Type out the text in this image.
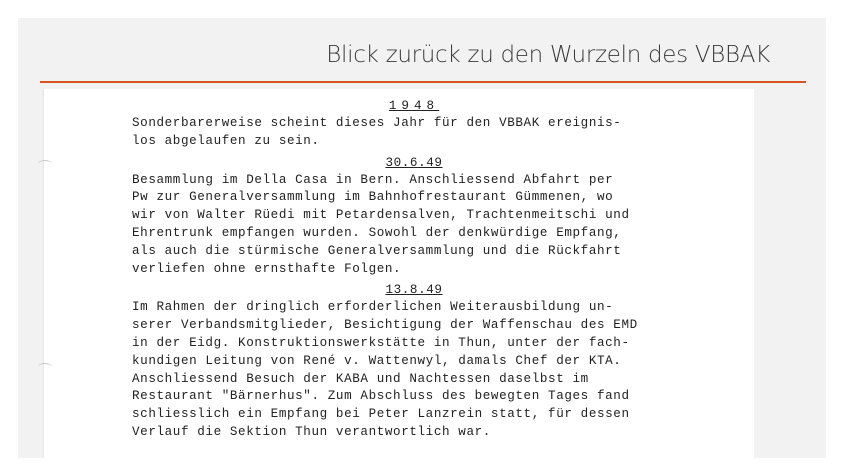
Blick zurück zu den Wurzeln des VBBAK
1948

Sonderbarerweise scheint dieses Jahr für den VBBAK ereignis-
los abgelaufen zu sein.

30.6.49

Besammlung im Della Casa in Bern. Anschliessend Abfahrt per
Pw zur Generalversammlung im Bahnhofrestaurant Gümmenen, wo
wir von Walter Rüedi mit Petardensalven, Trachtenmeitschi und
Ehrentrunk empfangen wurden. Sowohl der denkwürdige Empfang,
als auch die stürmische Generalversammlung und die Rückfahrt
verliefen ohne ernsthafte Folgen.

13.8.49

Im Rahmen der dringlich erforderlichen Weiterausbildung un-
serer Verbandsmitglieder, Besichtigung der Waffenschau des EMD
in der Eidg. Konstruktionswerkstätte in Thun, unter der fach-
kundigen Leitung von René v. Wattenwyl, damals Chef der KTA.
Anschliessend Besuch der KABA und Nachtessen daselbst im
Restaurant "Bärnerhus". Zum Abschluss des bewegten Tages fand
schliesslich ein Empfang bei Peter Lanzrein statt, für dessen
Verlauf die Sektion Thun verantwortlich war.
